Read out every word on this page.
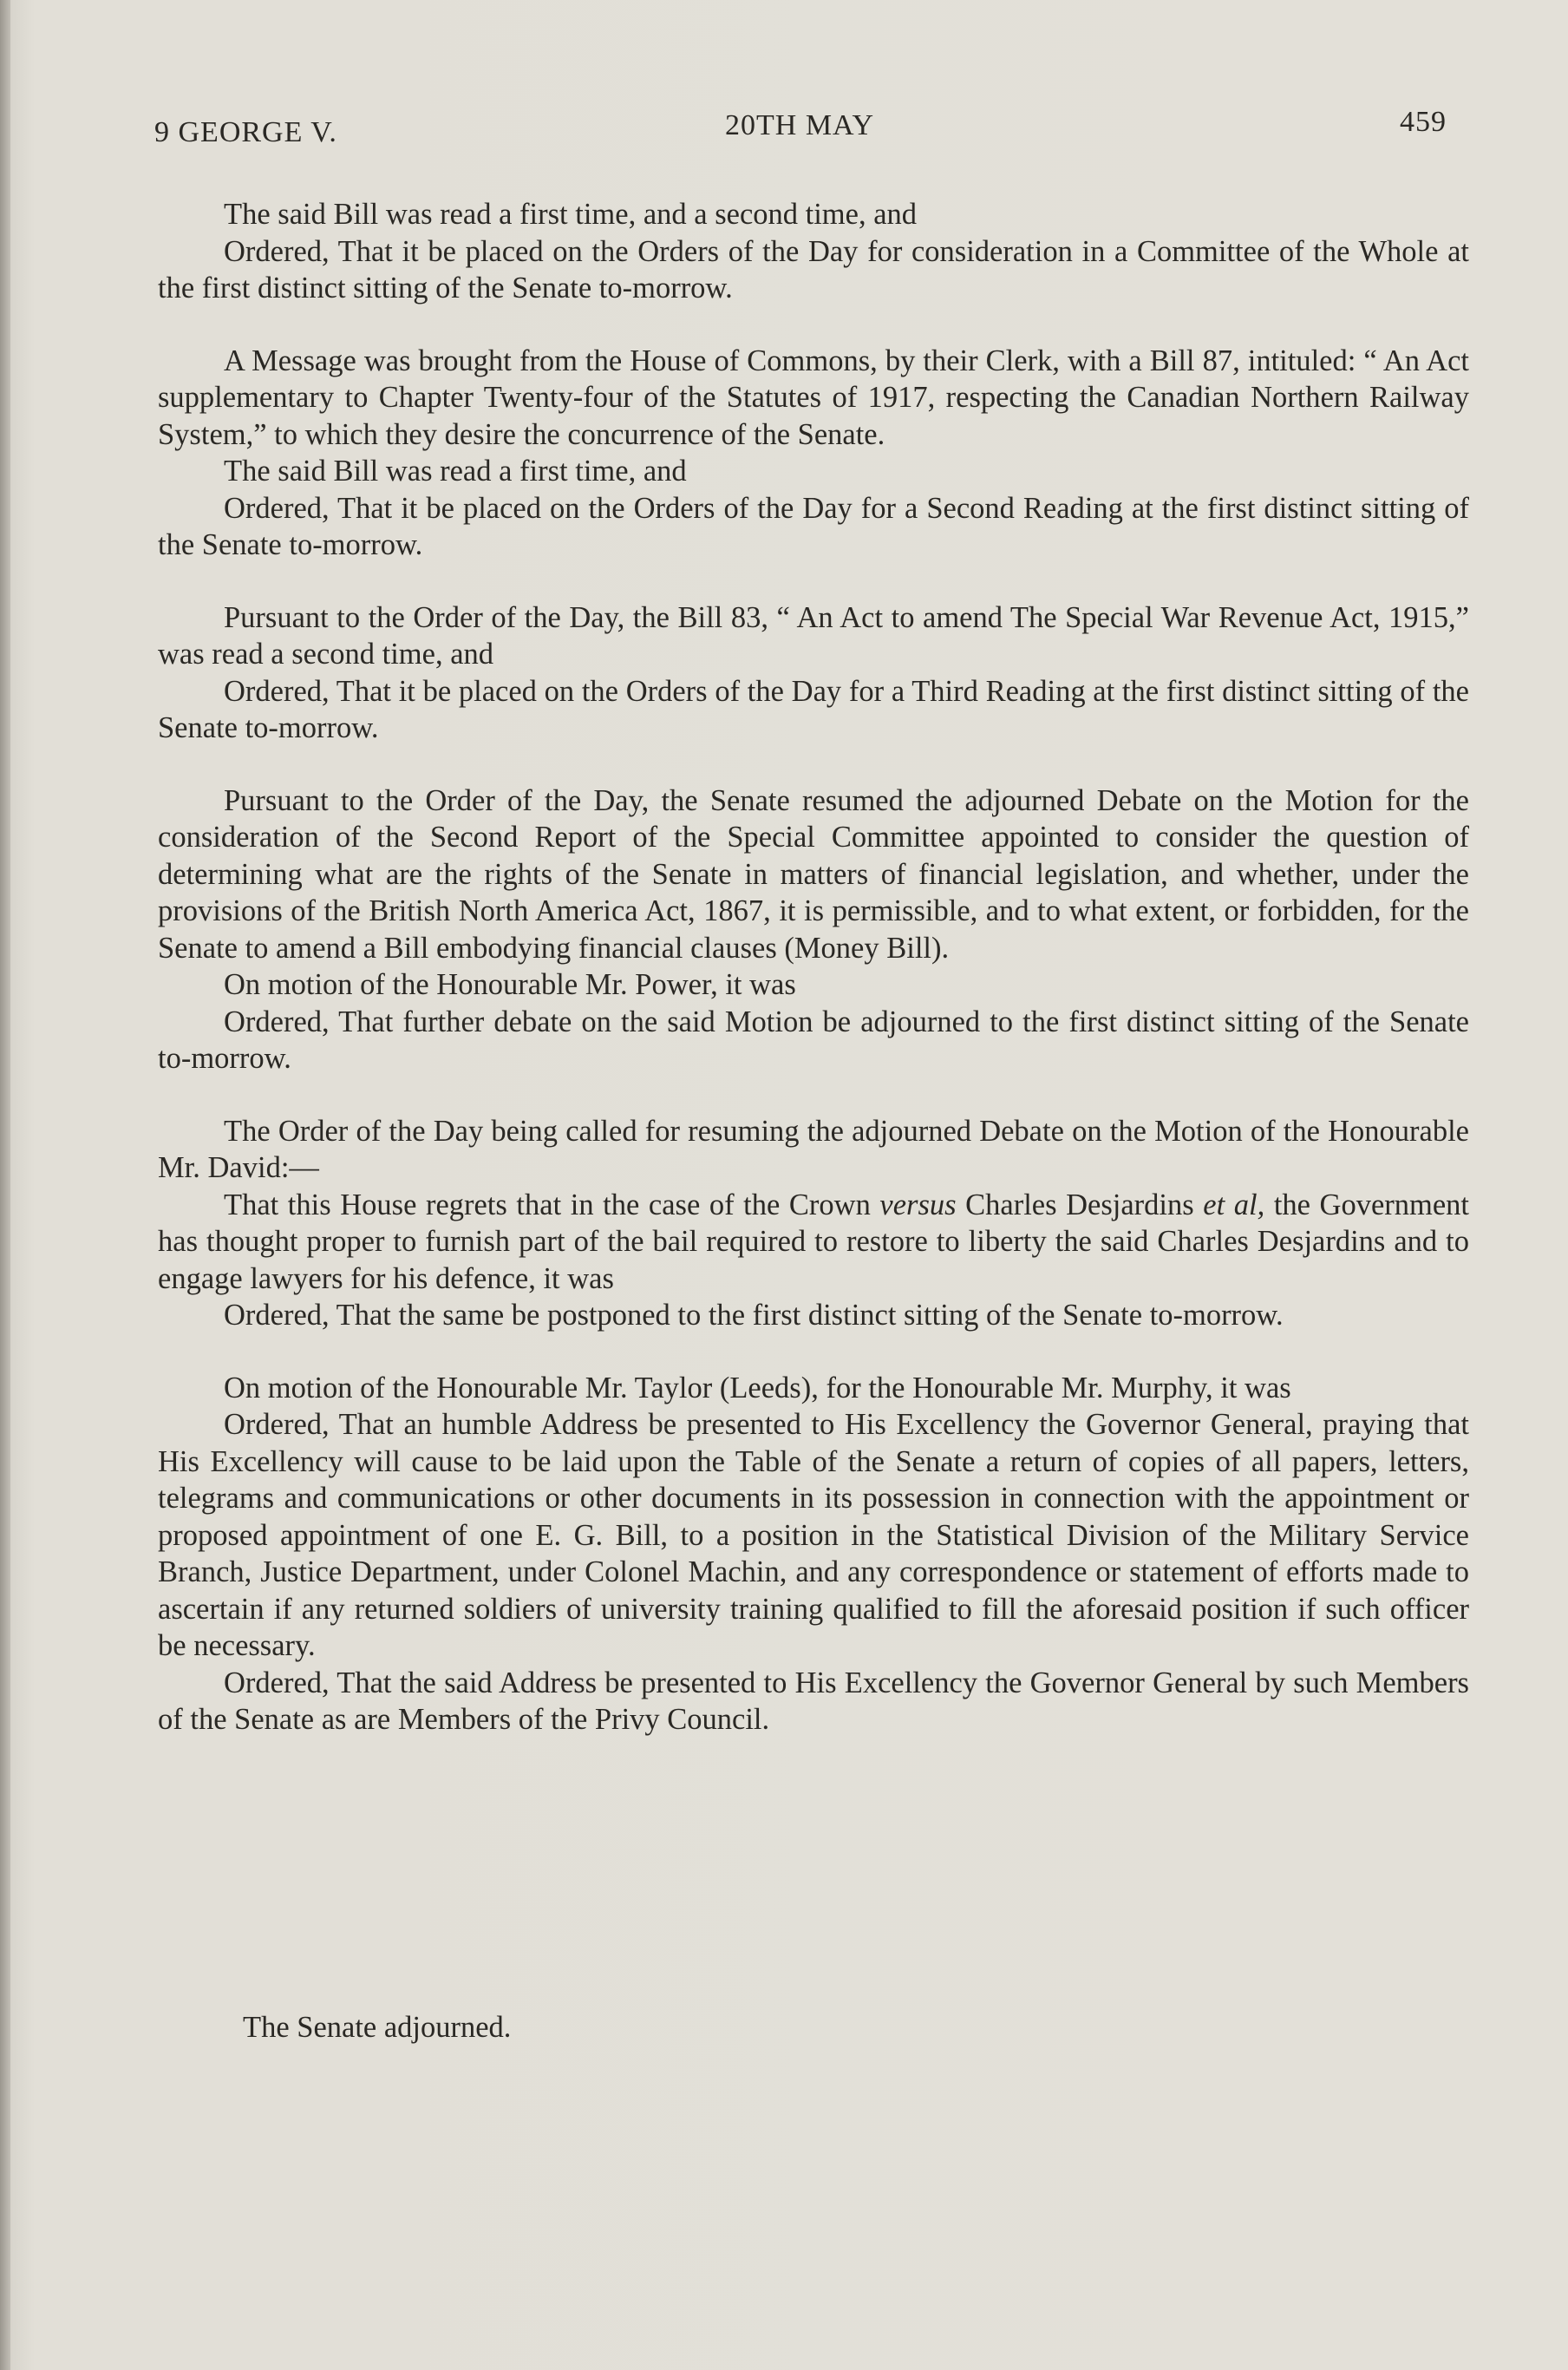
9 GEORGE V.	20TH MAY	459

The said Bill was read a first time, and a second time, and

Ordered, That it be placed on the Orders of the Day for consideration in a Committee of the Whole at the first distinct sitting of the Senate to-morrow.

A Message was brought from the House of Commons, by their Clerk, with a Bill 87, intituled: “ An Act supplementary to Chapter Twenty-four of the Statutes of 1917, respecting the Canadian Northern Railway System,” to which they desire the concurrence of the Senate.

The said Bill was read a first time, and

Ordered, That it be placed on the Orders of the Day for a Second Reading at the first distinct sitting of the Senate to-morrow.

Pursuant to the Order of the Day, the Bill 83, “ An Act to amend The Special War Revenue Act, 1915,” was read a second time, and

Ordered, That it be placed on the Orders of the Day for a Third Reading at the first distinct sitting of the Senate to-morrow.

Pursuant to the Order of the Day, the Senate resumed the adjourned Debate on the Motion for the consideration of the Second Report of the Special Committee appointed to consider the question of determining what are the rights of the Senate in matters of financial legislation, and whether, under the provisions of the British North America Act, 1867, it is permissible, and to what extent, or forbidden, for the Senate to amend a Bill embodying financial clauses (Money Bill).

On motion of the Honourable Mr. Power, it was

Ordered, That further debate on the said Motion be adjourned to the first distinct sitting of the Senate to-morrow.

The Order of the Day being called for resuming the adjourned Debate on the Motion of the Honourable Mr. David:—

That this House regrets that in the case of the Crown versus Charles Desjardins et al, the Government has thought proper to furnish part of the bail required to restore to liberty the said Charles Desjardins and to engage lawyers for his defence, it was

Ordered, That the same be postponed to the first distinct sitting of the Senate to-morrow.

On motion of the Honourable Mr. Taylor (Leeds), for the Honourable Mr. Murphy, it was

Ordered, That an humble Address be presented to His Excellency the Governor General, praying that His Excellency will cause to be laid upon the Table of the Senate a return of copies of all papers, letters, telegrams and communications or other documents in its possession in connection with the appointment or proposed appointment of one E. G. Bill, to a position in the Statistical Division of the Military Service Branch, Justice Department, under Colonel Machin, and any correspondence or statement of efforts made to ascertain if any returned soldiers of university training qualified to fill the aforesaid position if such officer be necessary.

Ordered, That the said Address be presented to His Excellency the Governor General by such Members of the Senate as are Members of the Privy Council.

The Senate adjourned.
